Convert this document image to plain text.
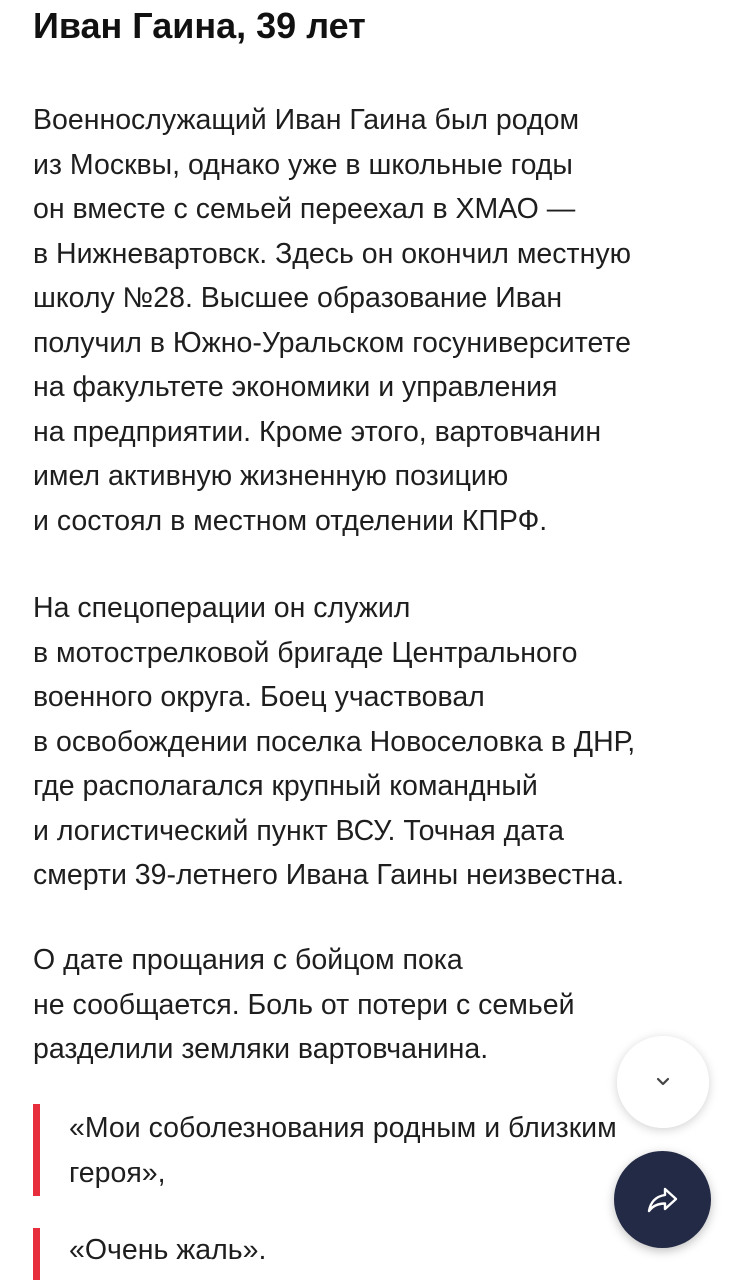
Иван Гаина, 39 лет

Военнослужащий Иван Гаина был родом
из Москвы, однако уже в школьные годы
он вместе с семьей переехал в ХМАО —
в Нижневартовск. Здесь он окончил местную
школу №28. Высшее образование Иван
получил в Южно-Уральском госуниверситете
на факультете экономики и управления
на предприятии. Кроме этого, вартовчанин
имел активную жизненную позицию
и состоял в местном отделении КПРФ.

На спецоперации он служил
в мотострелковой бригаде Центрального
военного округа. Боец участвовал
в освобождении поселка Новоселовка в ДНР,
где располагался крупный командный
и логистический пункт ВСУ. Точная дата
смерти 39-летнего Ивана Гаины неизвестна.

О дате прощания с бойцом пока
не сообщается. Боль от потери с семьей
разделили земляки вартовчанина.

«Мои соболезнования родным и близким
героя»,

«Очень жаль».
